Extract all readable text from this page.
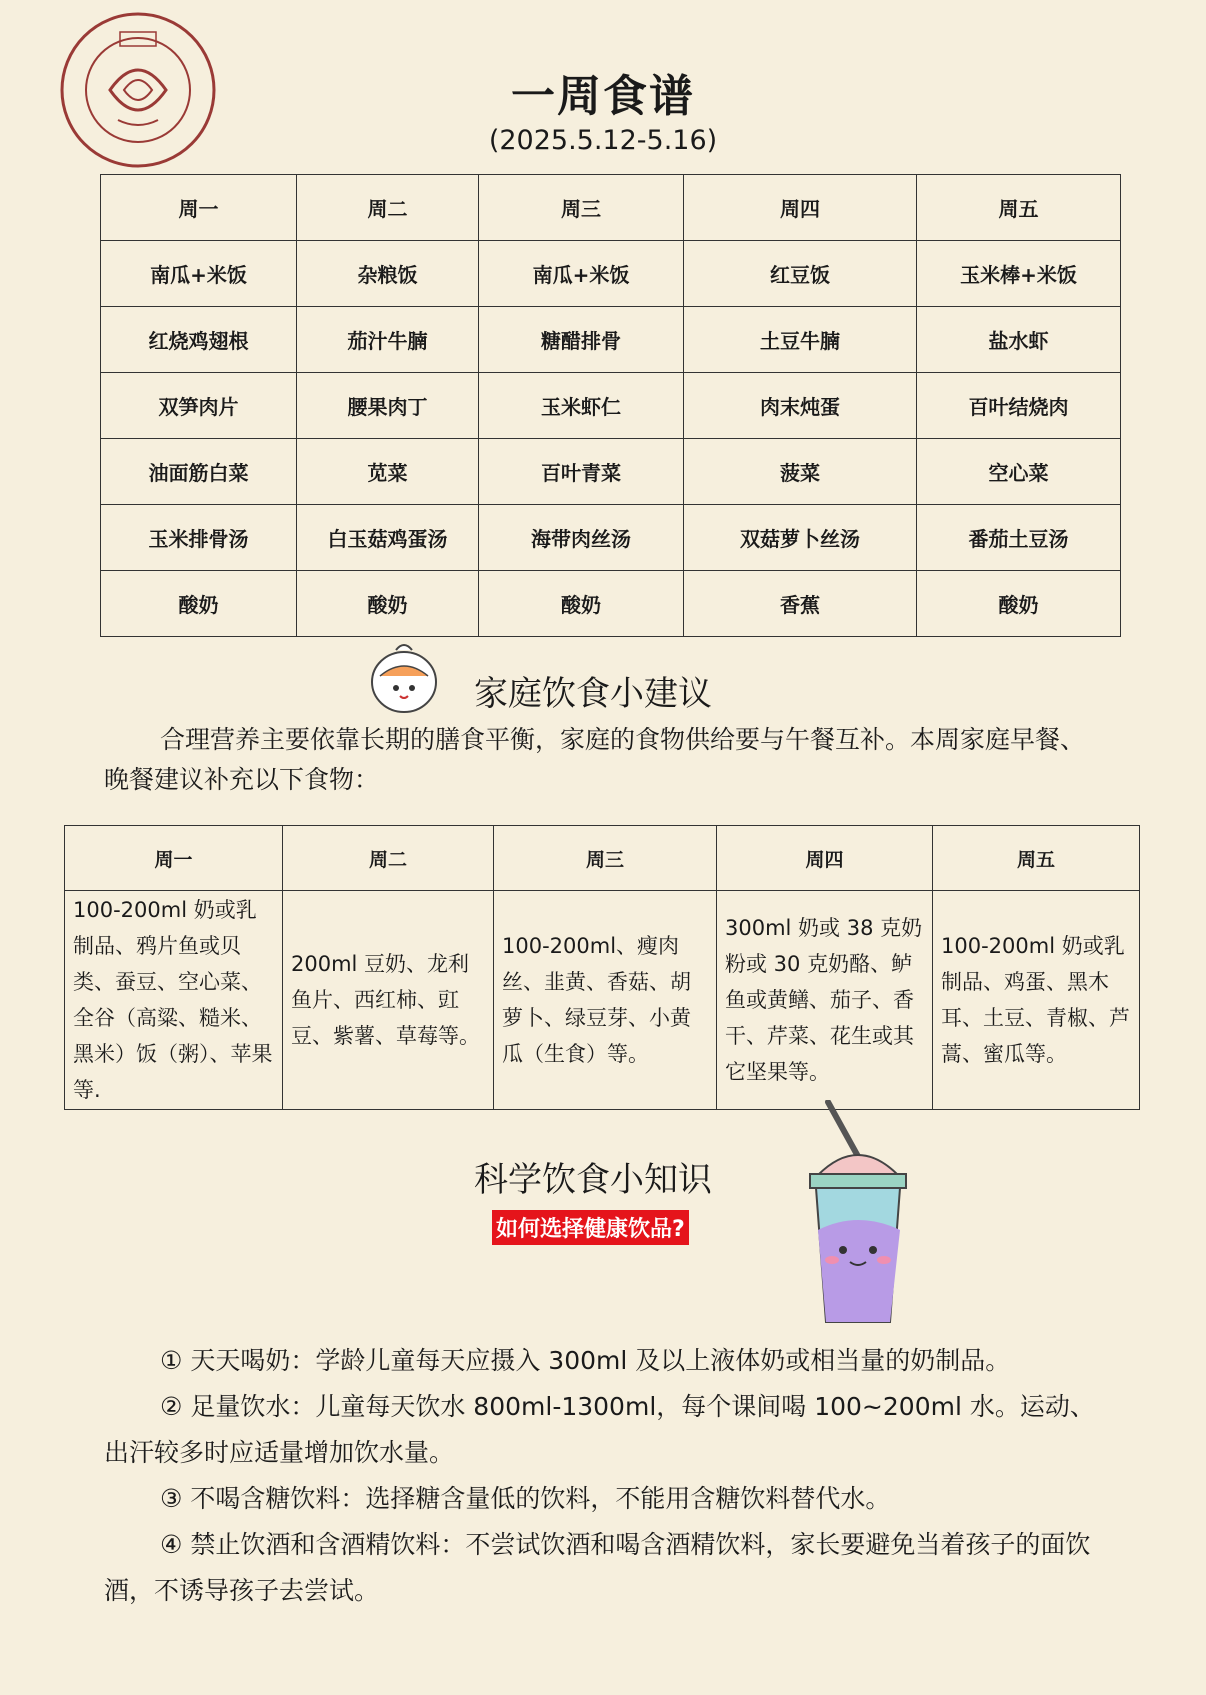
一周食谱
(2025.5.12-5.16)
周一	周二	周三	周四	周五
南瓜+米饭	杂粮饭	南瓜+米饭	红豆饭	玉米棒+米饭
红烧鸡翅根	茄汁牛腩	糖醋排骨	土豆牛腩	盐水虾
双笋肉片	腰果肉丁	玉米虾仁	肉末炖蛋	百叶结烧肉
油面筋白菜	苋菜	百叶青菜	菠菜	空心菜
玉米排骨汤	白玉菇鸡蛋汤	海带肉丝汤	双菇萝卜丝汤	番茄土豆汤
酸奶	酸奶	酸奶	香蕉	酸奶
家庭饮食小建议
合理营养主要依靠长期的膳食平衡，家庭的食物供给要与午餐互补。本周家庭早餐、晚餐建议补充以下食物：
周一	周二	周三	周四	周五
100-200ml 奶或乳制品、鸦片鱼或贝类、蚕豆、空心菜、全谷（高粱、糙米、黑米）饭（粥）、苹果等.	200ml 豆奶、龙利鱼片、西红柿、豇豆、紫薯、草莓等。	100-200ml、瘦肉丝、韭黄、香菇、胡萝卜、绿豆芽、小黄瓜（生食）等。	300ml 奶或 38 克奶粉或 30 克奶酪、鲈鱼或黄鳝、茄子、香干、芹菜、花生或其它坚果等。	100-200ml 奶或乳制品、鸡蛋、黑木耳、土豆、青椒、芦蒿、蜜瓜等。
科学饮食小知识
如何选择健康饮品?

① 天天喝奶：学龄儿童每天应摄入 300ml 及以上液体奶或相当量的奶制品。

② 足量饮水：儿童每天饮水 800ml-1300ml，每个课间喝 100~200ml 水。运动、出汗较多时应适量增加饮水量。

③ 不喝含糖饮料：选择糖含量低的饮料，不能用含糖饮料替代水。

④ 禁止饮酒和含酒精饮料：不尝试饮酒和喝含酒精饮料，家长要避免当着孩子的面饮酒，不诱导孩子去尝试。
